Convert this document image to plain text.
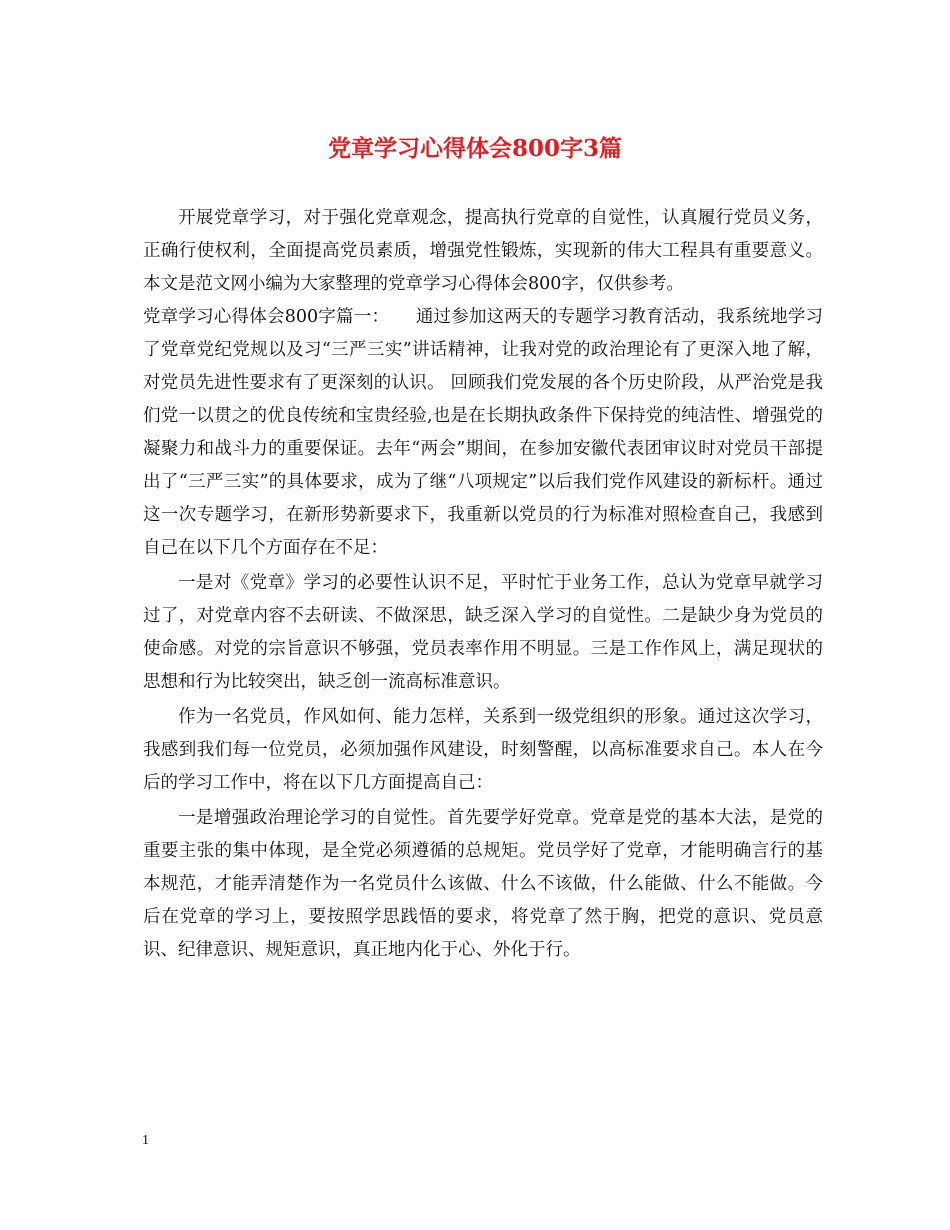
党章学习心得体会800字3篇

开展党章学习，对于强化党章观念，提高执行党章的自觉性，认真履行党员义务，正确行使权利，全面提高党员素质，增强党性锻炼，实现新的伟大工程具有重要意义。本文是范文网小编为大家整理的党章学习心得体会800字，仅供参考。

党章学习心得体会800字篇一：　　通过参加这两天的专题学习教育活动，我系统地学习了党章党纪党规以及习“三严三实”讲话精神，让我对党的政治理论有了更深入地了解，对党员先进性要求有了更深刻的认识。 回顾我们党发展的各个历史阶段，从严治党是我们党一以贯之的优良传统和宝贵经验,也是在长期执政条件下保持党的纯洁性、增强党的凝聚力和战斗力的重要保证。去年“两会”期间，在参加安徽代表团审议时对党员干部提出了“三严三实”的具体要求，成为了继“八项规定”以后我们党作风建设的新标杆。通过这一次专题学习，在新形势新要求下，我重新以党员的行为标准对照检查自己，我感到自己在以下几个方面存在不足：

一是对《党章》学习的必要性认识不足，平时忙于业务工作，总认为党章早就学习过了，对党章内容不去研读、不做深思，缺乏深入学习的自觉性。二是缺少身为党员的使命感。对党的宗旨意识不够强，党员表率作用不明显。三是工作作风上，满足现状的思想和行为比较突出，缺乏创一流高标准意识。

作为一名党员，作风如何、能力怎样，关系到一级党组织的形象。通过这次学习，我感到我们每一位党员，必须加强作风建设，时刻警醒，以高标准要求自己。本人在今后的学习工作中，将在以下几方面提高自己：

一是增强政治理论学习的自觉性。首先要学好党章。党章是党的基本大法，是党的重要主张的集中体现，是全党必须遵循的总规矩。党员学好了党章，才能明确言行的基本规范，才能弄清楚作为一名党员什么该做、什么不该做，什么能做、什么不能做。今后在党章的学习上，要按照学思践悟的要求，将党章了然于胸，把党的意识、党员意识、纪律意识、规矩意识，真正地内化于心、外化于行。

1
